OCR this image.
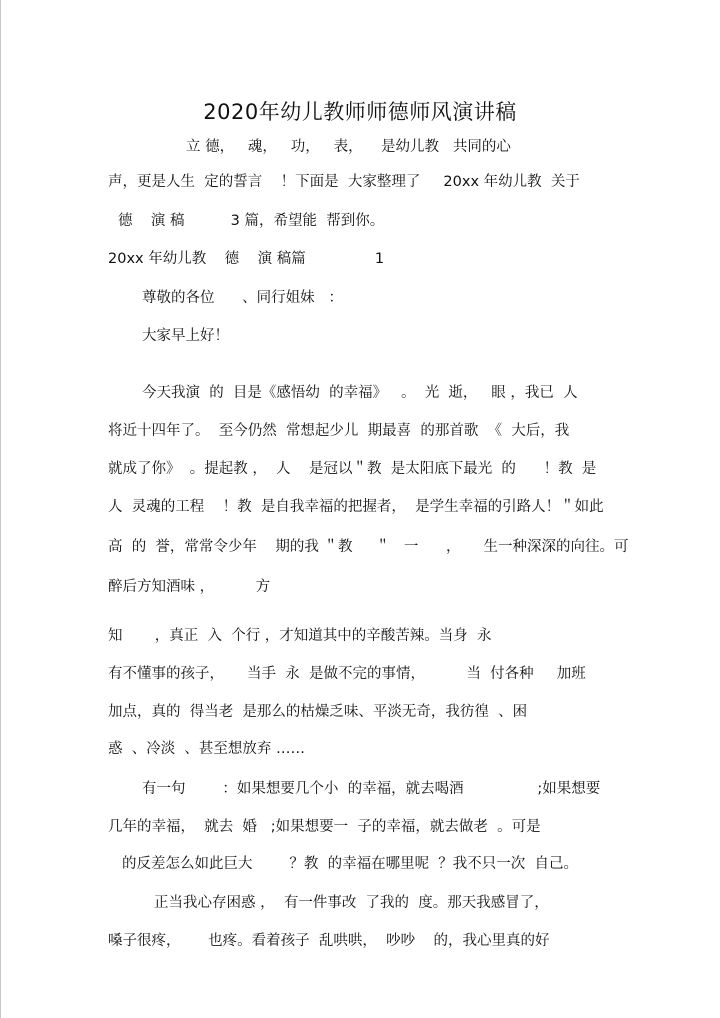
2020年幼儿教师师德师风演讲稿
立 德，   魂，   功，   表，    是幼儿教   共同的心
声，更是人生  定的誓言    ！下面是  大家整理了     20xx 年幼儿教  关于
德    演 稿          3 篇，希望能  帮到你。
20xx 年幼儿教    德    演 稿篇               1
尊敬的各位      、同行姐妹   ：
大家早上好！
今天我演  的  目是《感悟幼  的幸福》   。  光  逝，   眼 ，我已  人
将近十四年了。  至今仍然  常想起少儿  期最喜  的那首歌  《  大后，我
就成了你》  。提起教 ，  人    是冠以＂教  是太阳底下最光  的      ！教  是
人  灵魂的工程    ！教  是自我幸福的把握者，  是学生幸福的引路人！＂如此
高  的  誉，常常令少年    期的我 ＂教     ＂   一      ，     生一种深深的向往。可
醉后方知酒味 ，         方
知       ，真正  入  个行 ，才知道其中的辛酸苦辣。当身  永
有不懂事的孩子，     当手  永  是做不完的事情，         当  付各种     加班
加点，真的  得当老  是那么的枯燥乏味、平淡无奇，我彷徨  、困
惑  、冷淡  、甚至想放弃 ……
有一句        ：如果想要几个小  的幸福，就去喝酒                ;如果想要
几年的幸福，  就去  婚   ;如果想要一  子的幸福，就去做老  。可是
的反差怎么如此巨大        ？教  的幸福在哪里呢  ？我不只一次  自己。
正当我心存困惑 ，  有一件事改  了我的  度。那天我感冒了，
嗓子很疼，      也疼。看着孩子  乱哄哄，  吵吵    的，我心里真的好
